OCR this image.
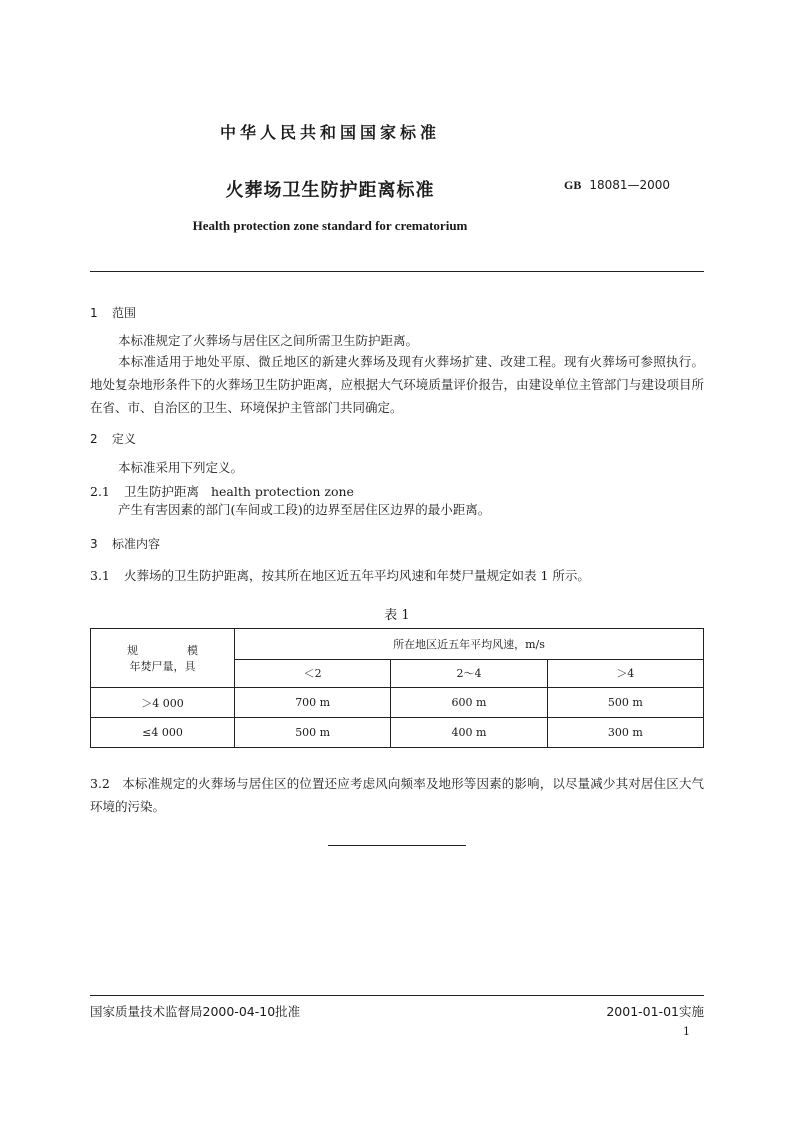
中华人民共和国国家标准
火葬场卫生防护距离标准	GB 18081—2000
Health protection zone standard for crematorium
1 范围
本标准规定了火葬场与居住区之间所需卫生防护距离。
本标准适用于地处平原、微丘地区的新建火葬场及现有火葬场扩建、改建工程。现有火葬场可参照执行。地处复杂地形条件下的火葬场卫生防护距离，应根据大气环境质量评价报告，由建设单位主管部门与建设项目所在省、市、自治区的卫生、环境保护主管部门共同确定。
2 定义
本标准采用下列定义。
2.1 卫生防护距离 health protection zone
产生有害因素的部门(车间或工段)的边界至居住区边界的最小距离。
3 标准内容
3.1 火葬场的卫生防护距离，按其所在地区近五年平均风速和年焚尸量规定如表 1 所示。
表 1
规 模
年焚尸量，具	所在地区近五年平均风速，m/s		
	＜2	2～4	＞4
＞4 000	700 m	600 m	500 m
≤4 000	500 m	400 m	300 m
3.2 本标准规定的火葬场与居住区的位置还应考虑风向频率及地形等因素的影响，以尽量减少其对居住区大气环境的污染。
国家质量技术监督局2000-04-10批准	2001-01-01实施
1
